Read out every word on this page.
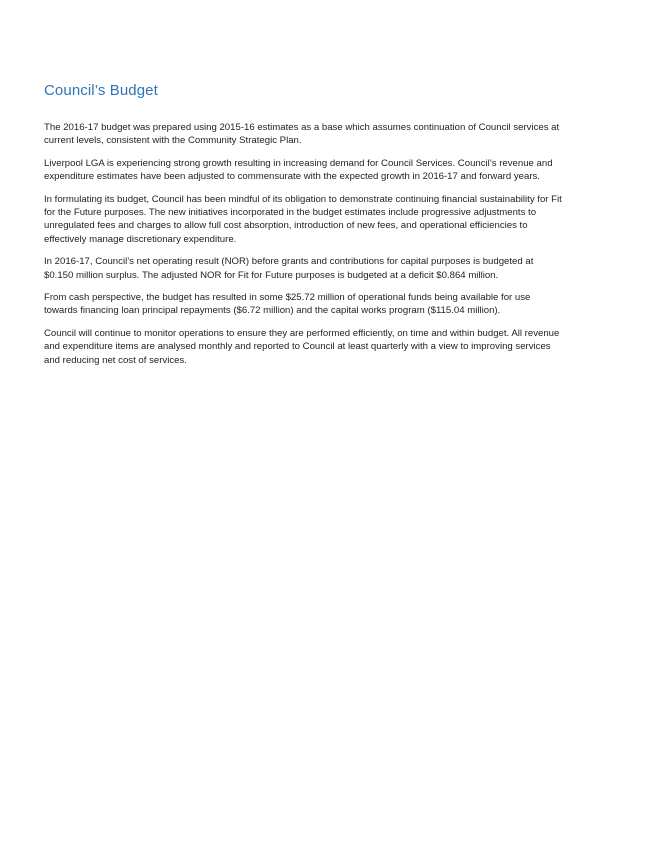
Council’s Budget

The 2016-17 budget was prepared using 2015-16 estimates as a base which assumes continuation of Council services at current levels, consistent with the Community Strategic Plan.

Liverpool LGA is experiencing strong growth resulting in increasing demand for Council Services. Council’s revenue and expenditure estimates have been adjusted to commensurate with the expected growth in 2016-17 and forward years.

In formulating its budget, Council has been mindful of its obligation to demonstrate continuing financial sustainability for Fit for the Future purposes. The new initiatives incorporated in the budget estimates include progressive adjustments to unregulated fees and charges to allow full cost absorption, introduction of new fees, and operational efficiencies to effectively manage discretionary expenditure.

In 2016-17, Council’s net operating result (NOR) before grants and contributions for capital purposes is budgeted at $0.150 million surplus. The adjusted NOR for Fit for Future purposes is budgeted at a deficit $0.864 million.

From cash perspective, the budget has resulted in some $25.72 million of operational funds being available for use towards financing loan principal repayments ($6.72 million) and the capital works program ($115.04 million).

Council will continue to monitor operations to ensure they are performed efficiently, on time and within budget. All revenue and expenditure items are analysed monthly and reported to Council at least quarterly with a view to improving services and reducing net cost of services.
